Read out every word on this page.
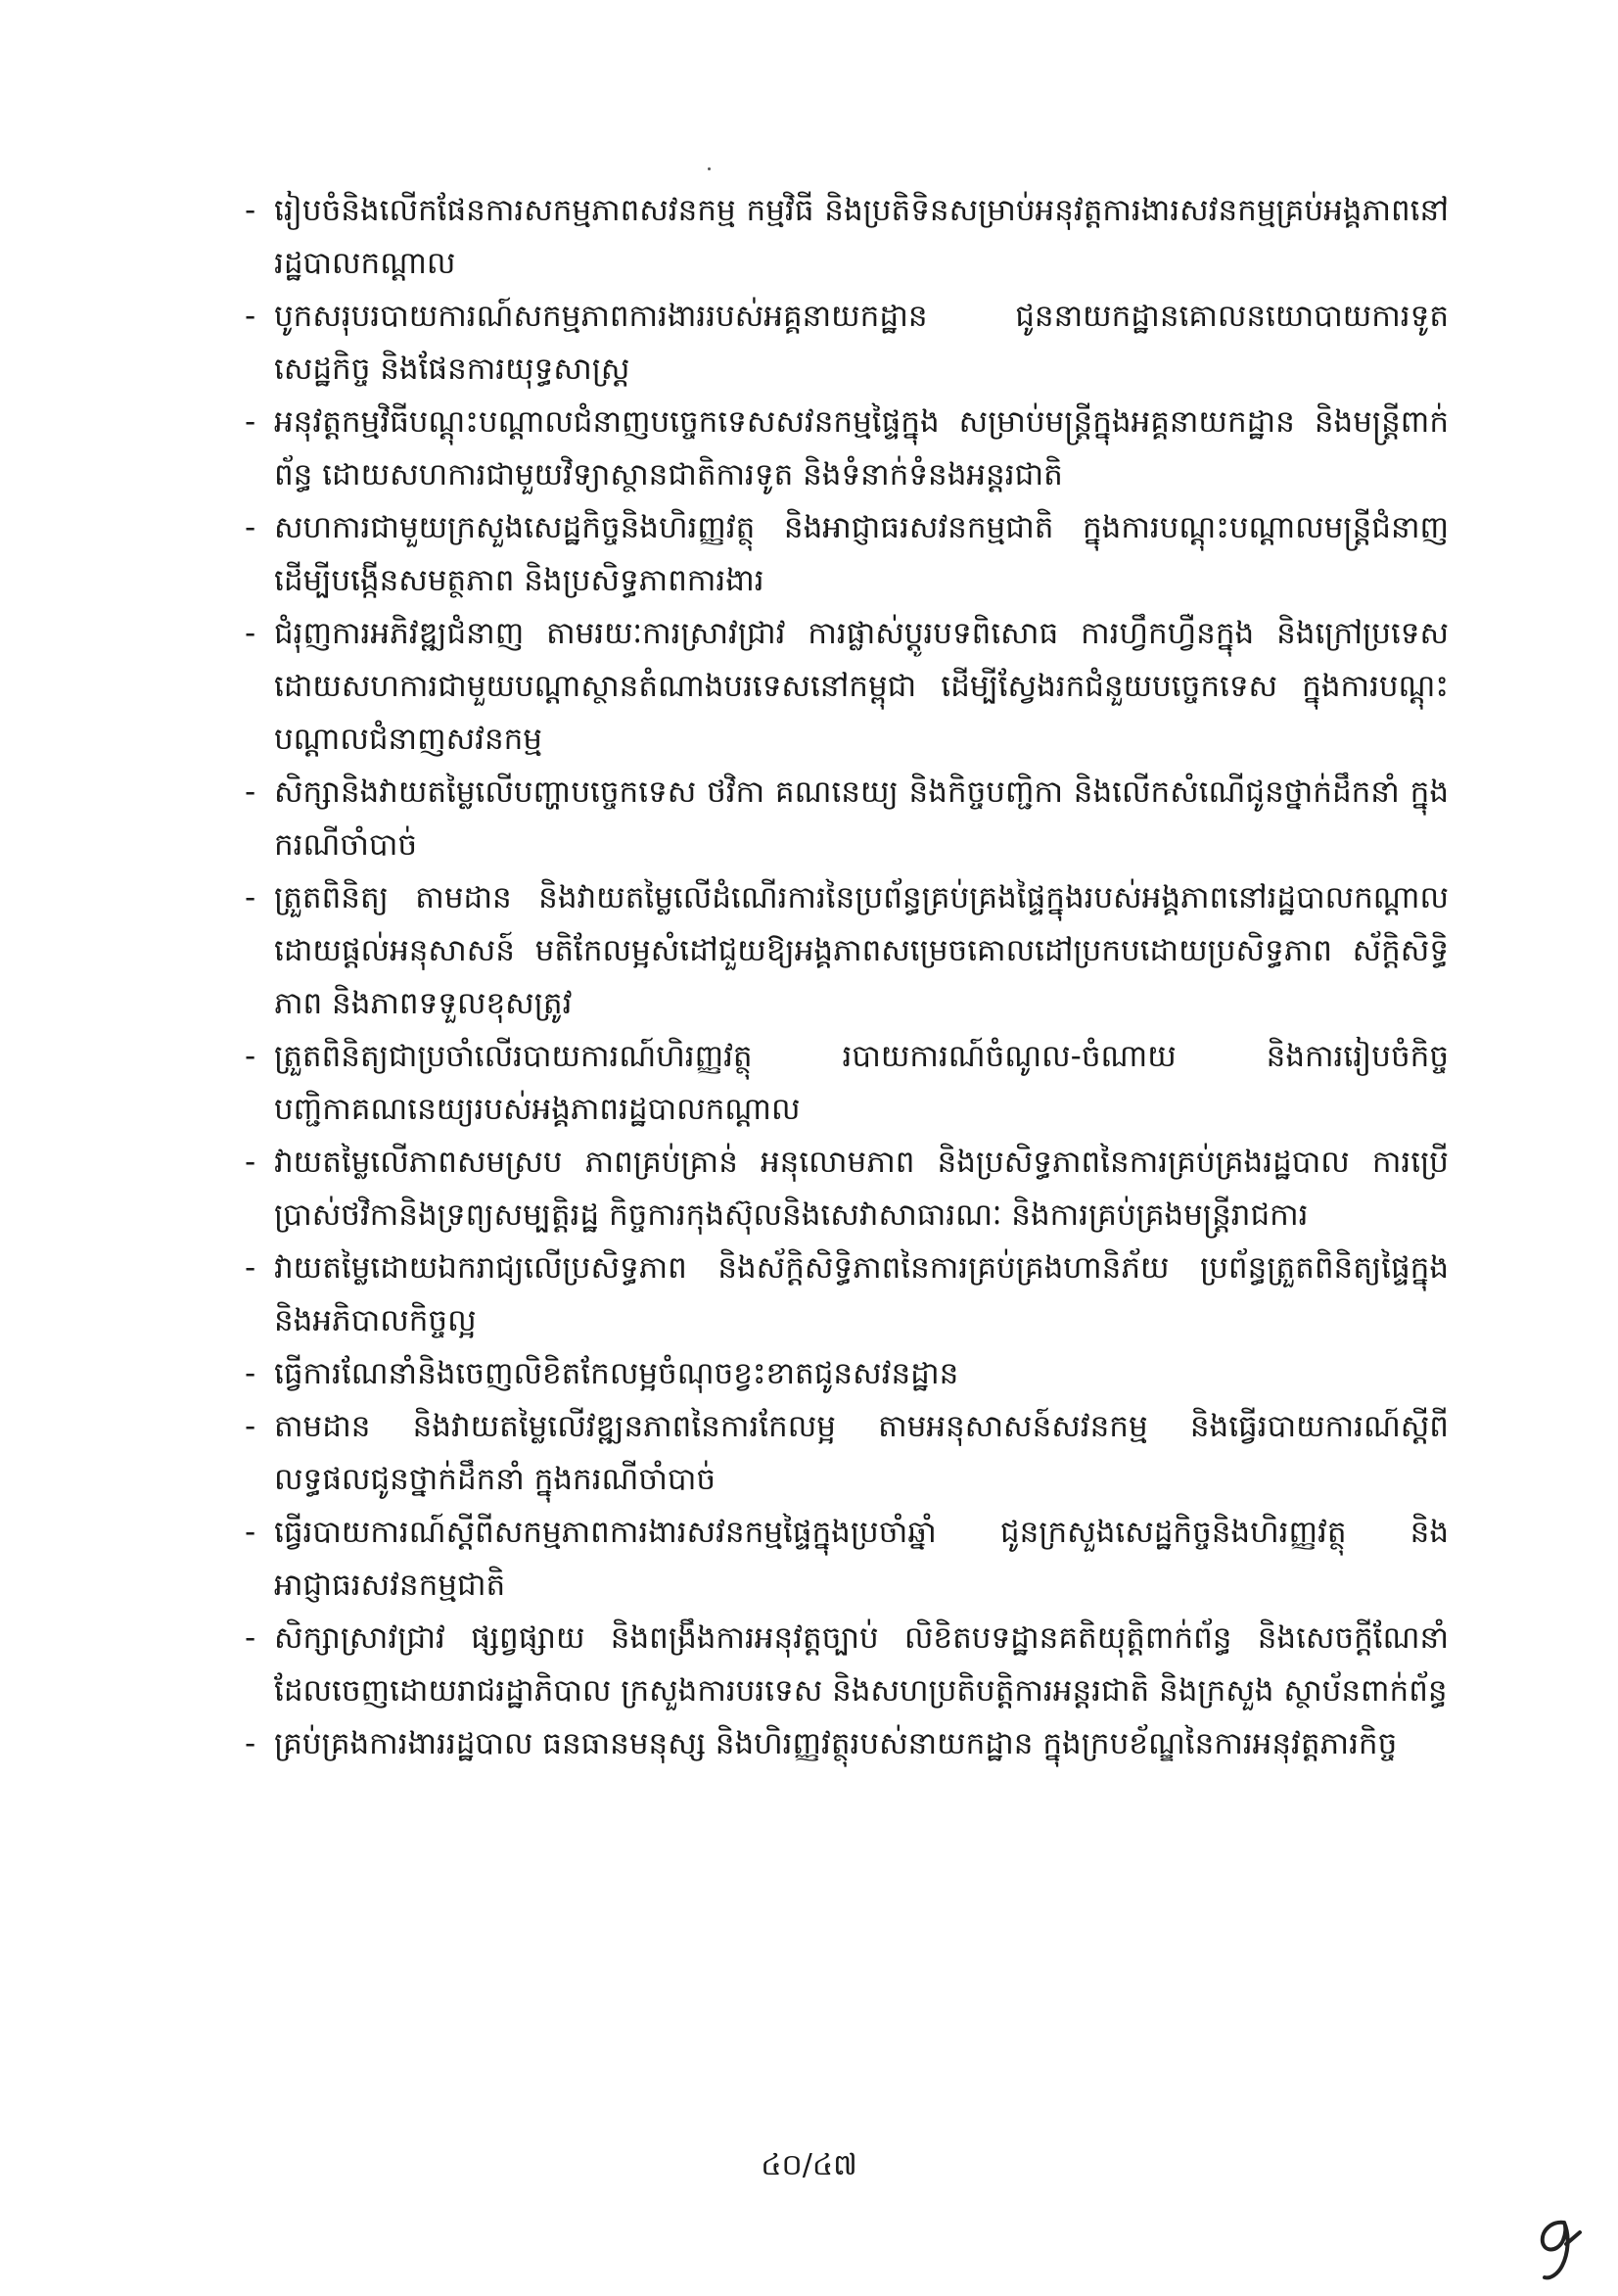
- រៀបចំនិងលើកផែនការសកម្មភាពសវនកម្ម កម្មវិធី និងប្រតិទិនសម្រាប់អនុវត្តការងារសវនកម្មគ្រប់អង្គភាពនៅរដ្ឋបាលកណ្តាល
- បូកសរុបរបាយការណ៍សកម្មភាពការងាររបស់អគ្គនាយកដ្ឋាន ជូននាយកដ្ឋានគោលនយោបាយការទូតសេដ្ឋកិច្ច និងផែនការយុទ្ធសាស្ត្រ
- អនុវត្តកម្មវិធីបណ្តុះបណ្តាលជំនាញបច្ចេកទេសសវនកម្មផ្ទៃក្នុង សម្រាប់មន្ត្រីក្នុងអគ្គនាយកដ្ឋាន និងមន្ត្រីពាក់ព័ន្ធ ដោយសហការជាមួយវិទ្យាស្ថានជាតិការទូត និងទំនាក់ទំនងអន្តរជាតិ
- សហការជាមួយក្រសួងសេដ្ឋកិច្ចនិងហិរញ្ញវត្ថុ និងអាជ្ញាធរសវនកម្មជាតិ ក្នុងការបណ្តុះបណ្តាលមន្ត្រីជំនាញ ដើម្បីបង្កើនសមត្ថភាព និងប្រសិទ្ធភាពការងារ
- ជំរុញការអភិវឌ្ឍជំនាញ តាមរយៈការស្រាវជ្រាវ ការផ្លាស់ប្តូរបទពិសោធ ការហ្វឹកហ្វឺនក្នុង និងក្រៅប្រទេស ដោយសហការជាមួយបណ្តាស្ថានតំណាងបរទេសនៅកម្ពុជា ដើម្បីស្វែងរកជំនួយបច្ចេកទេស ក្នុងការបណ្តុះបណ្តាលជំនាញសវនកម្ម
- សិក្សានិងវាយតម្លៃលើបញ្ហាបច្ចេកទេស ថវិកា គណនេយ្យ និងកិច្ចបញ្ជិកា និងលើកសំណើជូនថ្នាក់ដឹកនាំ ក្នុងករណីចាំបាច់
- ត្រួតពិនិត្យ តាមដាន និងវាយតម្លៃលើដំណើរការនៃប្រព័ន្ធគ្រប់គ្រងផ្ទៃក្នុងរបស់អង្គភាពនៅរដ្ឋបាលកណ្តាល ដោយផ្តល់អនុសាសន៍ មតិកែលម្អសំដៅជួយឱ្យអង្គភាពសម្រេចគោលដៅប្រកបដោយប្រសិទ្ធភាព ស័ក្តិសិទ្ធិភាព និងភាពទទួលខុសត្រូវ
- ត្រួតពិនិត្យជាប្រចាំលើរបាយការណ៍ហិរញ្ញវត្ថុ របាយការណ៍ចំណូល-ចំណាយ និងការរៀបចំកិច្ចបញ្ជិកាគណនេយ្យរបស់អង្គភាពរដ្ឋបាលកណ្តាល
- វាយតម្លៃលើភាពសមស្រប ភាពគ្រប់គ្រាន់ អនុលោមភាព និងប្រសិទ្ធភាពនៃការគ្រប់គ្រងរដ្ឋបាល ការប្រើប្រាស់ថវិកានិងទ្រព្យសម្បត្តិរដ្ឋ កិច្ចការកុងស៊ុលនិងសេវាសាធារណៈ និងការគ្រប់គ្រងមន្ត្រីរាជការ
- វាយតម្លៃដោយឯករាជ្យលើប្រសិទ្ធភាព និងស័ក្តិសិទ្ធិភាពនៃការគ្រប់គ្រងហានិភ័យ ប្រព័ន្ធត្រួតពិនិត្យផ្ទៃក្នុង និងអភិបាលកិច្ចល្អ
- ធ្វើការណែនាំនិងចេញលិខិតកែលម្អចំណុចខ្វះខាតជូនសវនដ្ឋាន
- តាមដាន និងវាយតម្លៃលើវឌ្ឍនភាពនៃការកែលម្អ តាមអនុសាសន៍សវនកម្ម និងធ្វើរបាយការណ៍ស្តីពីលទ្ធផលជូនថ្នាក់ដឹកនាំ ក្នុងករណីចាំបាច់
- ធ្វើរបាយការណ៍ស្តីពីសកម្មភាពការងារសវនកម្មផ្ទៃក្នុងប្រចាំឆ្នាំ ជូនក្រសួងសេដ្ឋកិច្ចនិងហិរញ្ញវត្ថុ និងអាជ្ញាធរសវនកម្មជាតិ
- សិក្សាស្រាវជ្រាវ ផ្សព្វផ្សាយ និងពង្រឹងការអនុវត្តច្បាប់ លិខិតបទដ្ឋានគតិយុត្តិពាក់ព័ន្ធ និងសេចក្តីណែនាំ ដែលចេញដោយរាជរដ្ឋាភិបាល ក្រសួងការបរទេស និងសហប្រតិបត្តិការអន្តរជាតិ និងក្រសួង ស្ថាប័នពាក់ព័ន្ធ
- គ្រប់គ្រងការងាររដ្ឋបាល ធនធានមនុស្ស និងហិរញ្ញវត្ថុរបស់នាយកដ្ឋាន ក្នុងក្របខ័ណ្ឌនៃការអនុវត្តភារកិច្ច
៤០/៤៧
